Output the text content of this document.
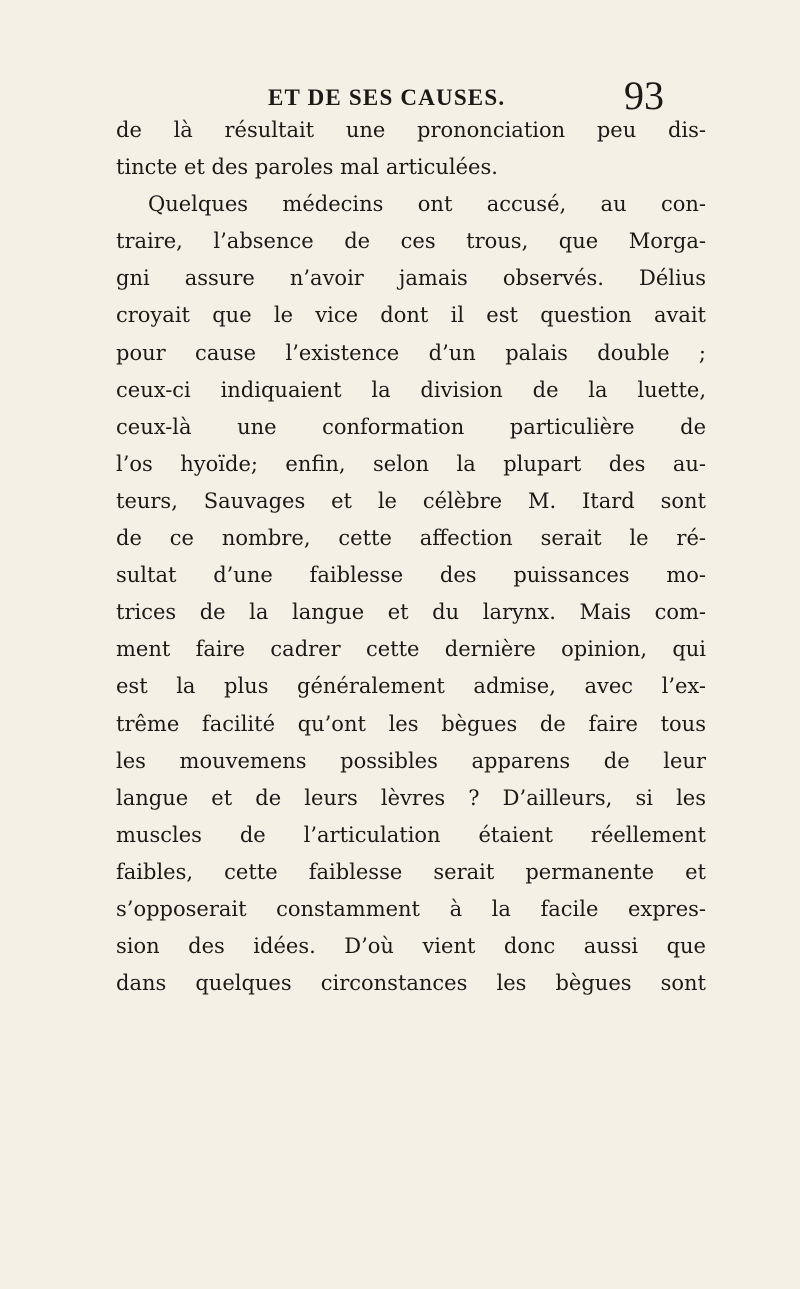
ET DE SES CAUSES.	93
de là résultait une prononciation peu dis-
tincte et des paroles mal articulées.
Quelques médecins ont accusé, au con-
traire, l’absence de ces trous, que Morga-
gni assure n’avoir jamais observés. Délius
croyait que le vice dont il est question avait
pour cause l’existence d’un palais double ;
ceux-ci indiquaient la division de la luette,
ceux-là une conformation particulière de
l’os hyoïde; enfin, selon la plupart des au-
teurs, Sauvages et le célèbre M. Itard sont
de ce nombre, cette affection serait le ré-
sultat d’une faiblesse des puissances mo-
trices de la langue et du larynx. Mais com-
ment faire cadrer cette dernière opinion, qui
est la plus généralement admise, avec l’ex-
trême facilité qu’ont les bègues de faire tous
les mouvemens possibles apparens de leur
langue et de leurs lèvres ? D’ailleurs, si les
muscles de l’articulation étaient réellement
faibles, cette faiblesse serait permanente et
s’opposerait constamment à la facile expres-
sion des idées. D’où vient donc aussi que
dans quelques circonstances les bègues sont
